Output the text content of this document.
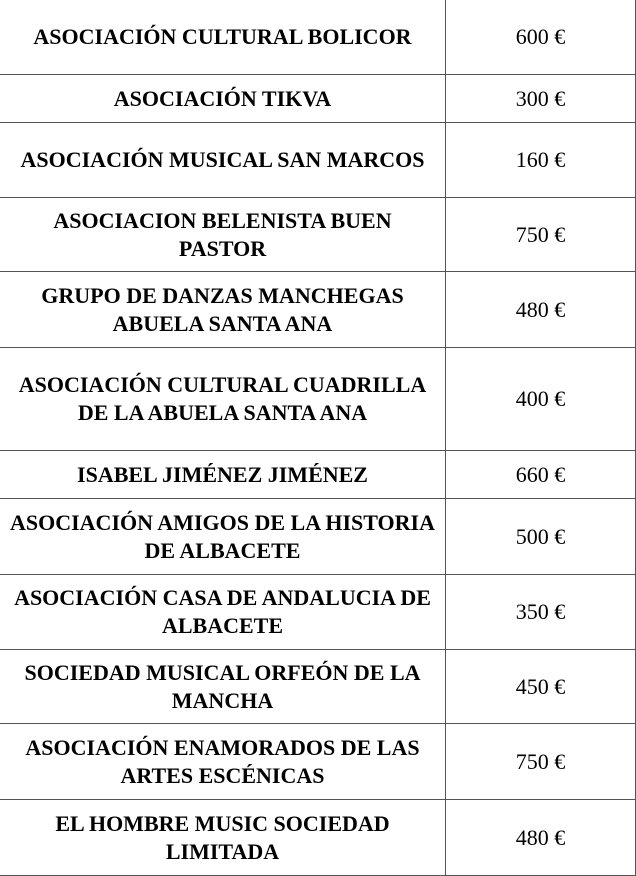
ASOCIACIÓN CULTURAL BOLICOR	600 €
ASOCIACIÓN TIKVA	300 €
ASOCIACIÓN MUSICAL SAN MARCOS	160 €
ASOCIACION BELENISTA BUEN PASTOR	750 €
GRUPO DE DANZAS MANCHEGAS ABUELA SANTA ANA	480 €
ASOCIACIÓN CULTURAL CUADRILLA DE LA ABUELA SANTA ANA	400 €
ISABEL JIMÉNEZ JIMÉNEZ	660 €
ASOCIACIÓN AMIGOS DE LA HISTORIA DE ALBACETE	500 €
ASOCIACIÓN CASA DE ANDALUCIA DE ALBACETE	350 €
SOCIEDAD MUSICAL ORFEÓN DE LA MANCHA	450 €
ASOCIACIÓN ENAMORADOS DE LAS ARTES ESCÉNICAS	750 €
EL HOMBRE MUSIC SOCIEDAD LIMITADA	480 €
